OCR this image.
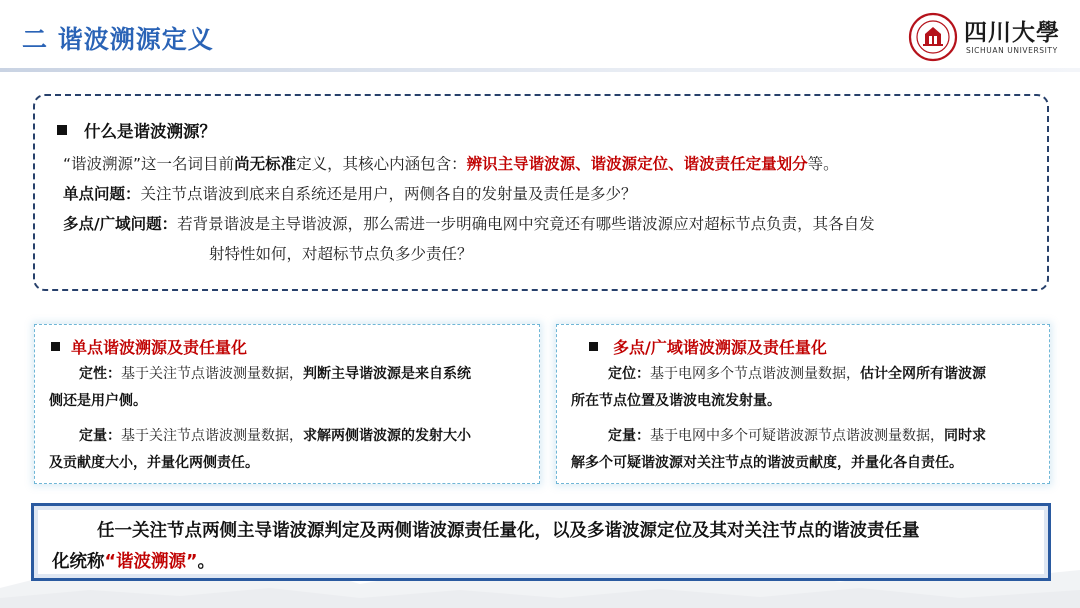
二 谐波溯源定义	四川大學
SICHUAN UNIVERSITY
什么是谐波溯源？

“谐波溯源”这一名词目前尚无标准定义，其核心内涵包含：辨识主导谐波源、谐波源定位、谐波责任定量划分等。

单点问题：关注节点谐波到底来自系统还是用户，两侧各自的发射量及责任是多少？

多点/广域问题：若背景谐波是主导谐波源，那么需进一步明确电网中究竟还有哪些谐波源应对超标节点负责，其各自发

射特性如何，对超标节点负多少责任？

单点谐波溯源及责任量化
定性：基于关注节点谐波测量数据，判断主导谐波源是来自系统
侧还是用户侧。
定量：基于关注节点谐波测量数据，求解两侧谐波源的发射大小
及贡献度大小，并量化两侧责任。
多点/广域谐波溯源及责任量化
定位：基于电网多个节点谐波测量数据，估计全网所有谐波源
所在节点位置及谐波电流发射量。
定量：基于电网中多个可疑谐波源节点谐波测量数据，同时求
解多个可疑谐波源对关注节点的谐波贡献度，并量化各自责任。
任一关注节点两侧主导谐波源判定及两侧谐波源责任量化，以及多谐波源定位及其对关注节点的谐波责任量
化统称“谐波溯源”。
